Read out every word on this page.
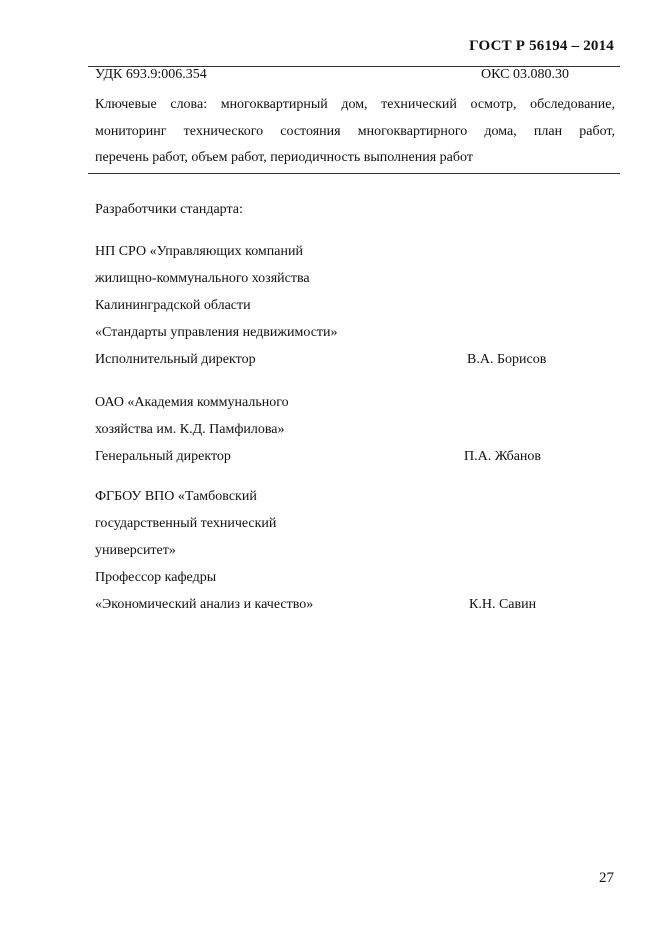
ГОСТ Р 56194 – 2014
УДК 693.9:006.354	ОКС 03.080.30
Ключевые слова: многоквартирный дом, технический осмотр, обследование,
мониторинг технического состояния многоквартирного дома, план работ,
перечень работ, объем работ, периодичность выполнения работ
Разработчики стандарта:
НП СРО «Управляющих компаний
жилищно-коммунального хозяйства
Калининградской области
«Стандарты управления недвижимости»
Исполнительный директор	В.А. Борисов
ОАО «Академия коммунального
хозяйства им. К.Д. Памфилова»
Генеральный директор	П.А. Жбанов
ФГБОУ ВПО «Тамбовский
государственный технический
университет»
Профессор кафедры
«Экономический анализ и качество»	К.Н. Савин
27
